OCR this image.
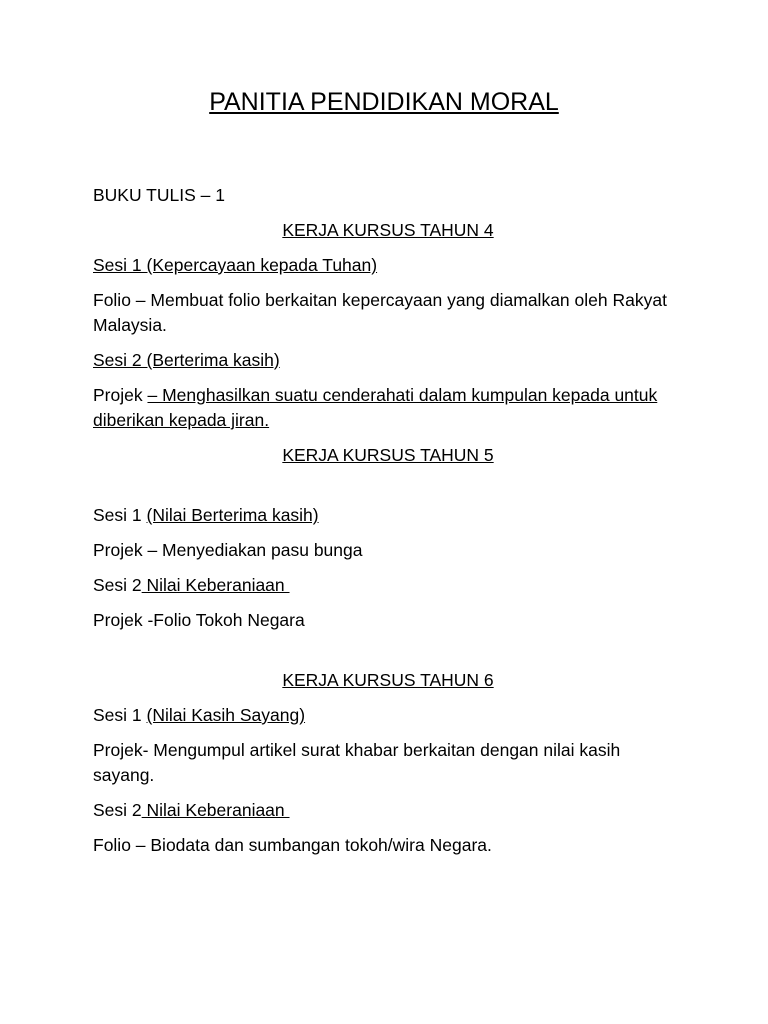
PANITIA PENDIDIKAN MORAL

BUKU TULIS – 1

KERJA KURSUS TAHUN 4

Sesi 1 (Kepercayaan kepada Tuhan)

Folio – Membuat folio berkaitan kepercayaan yang diamalkan oleh Rakyat Malaysia.

Sesi 2 (Berterima kasih)

Projek – Menghasilkan suatu cenderahati dalam kumpulan kepada untuk diberikan kepada jiran.

KERJA KURSUS TAHUN 5

Sesi 1 (Nilai Berterima kasih)

Projek – Menyediakan pasu bunga

Sesi 2 Nilai Keberaniaan

Projek -Folio Tokoh Negara

KERJA KURSUS TAHUN 6

Sesi 1 (Nilai Kasih Sayang)

Projek- Mengumpul artikel surat khabar berkaitan dengan nilai kasih sayang.

Sesi 2 Nilai Keberaniaan

Folio – Biodata dan sumbangan tokoh/wira Negara.
